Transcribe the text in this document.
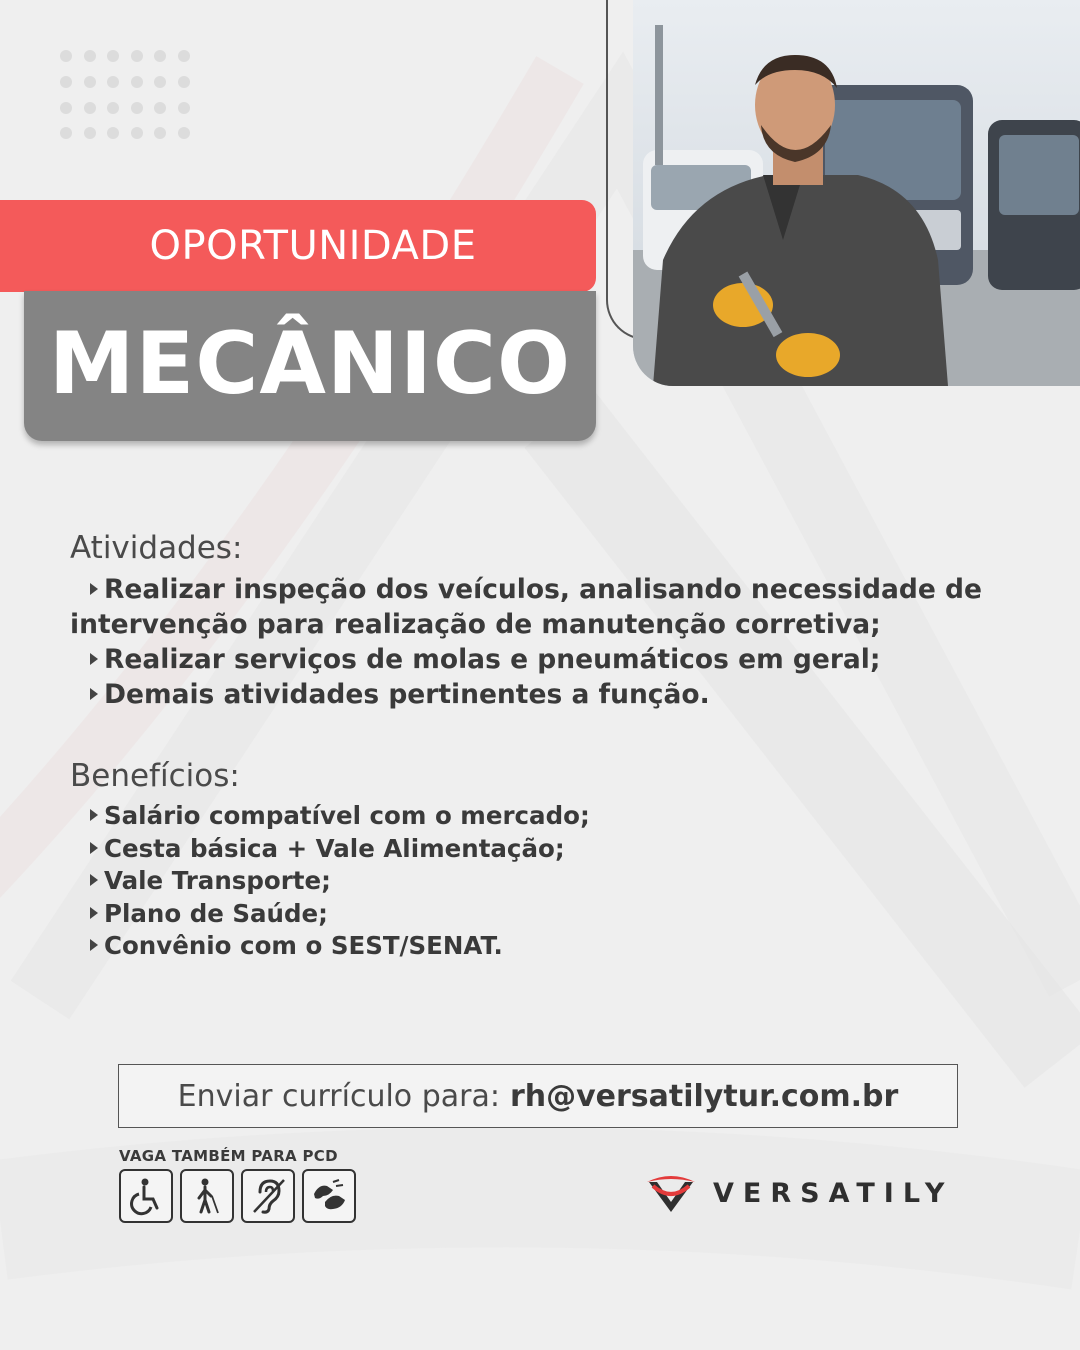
OPORTUNIDADE
MECÂNICO
Atividades:
Realizar inspeção dos veículos, analisando necessidade de
intervenção para realização de manutenção corretiva;
Realizar serviços de molas e pneumáticos em geral;
Demais atividades pertinentes a função.
Benefícios:
Salário compatível com o mercado;
Cesta básica + Vale Alimentação;
Vale Transporte;
Plano de Saúde;
Convênio com o SEST/SENAT.
Enviar currículo para: rh@versatilytur.com.br
VAGA TAMBÉM PARA PCD
VERSATILY
